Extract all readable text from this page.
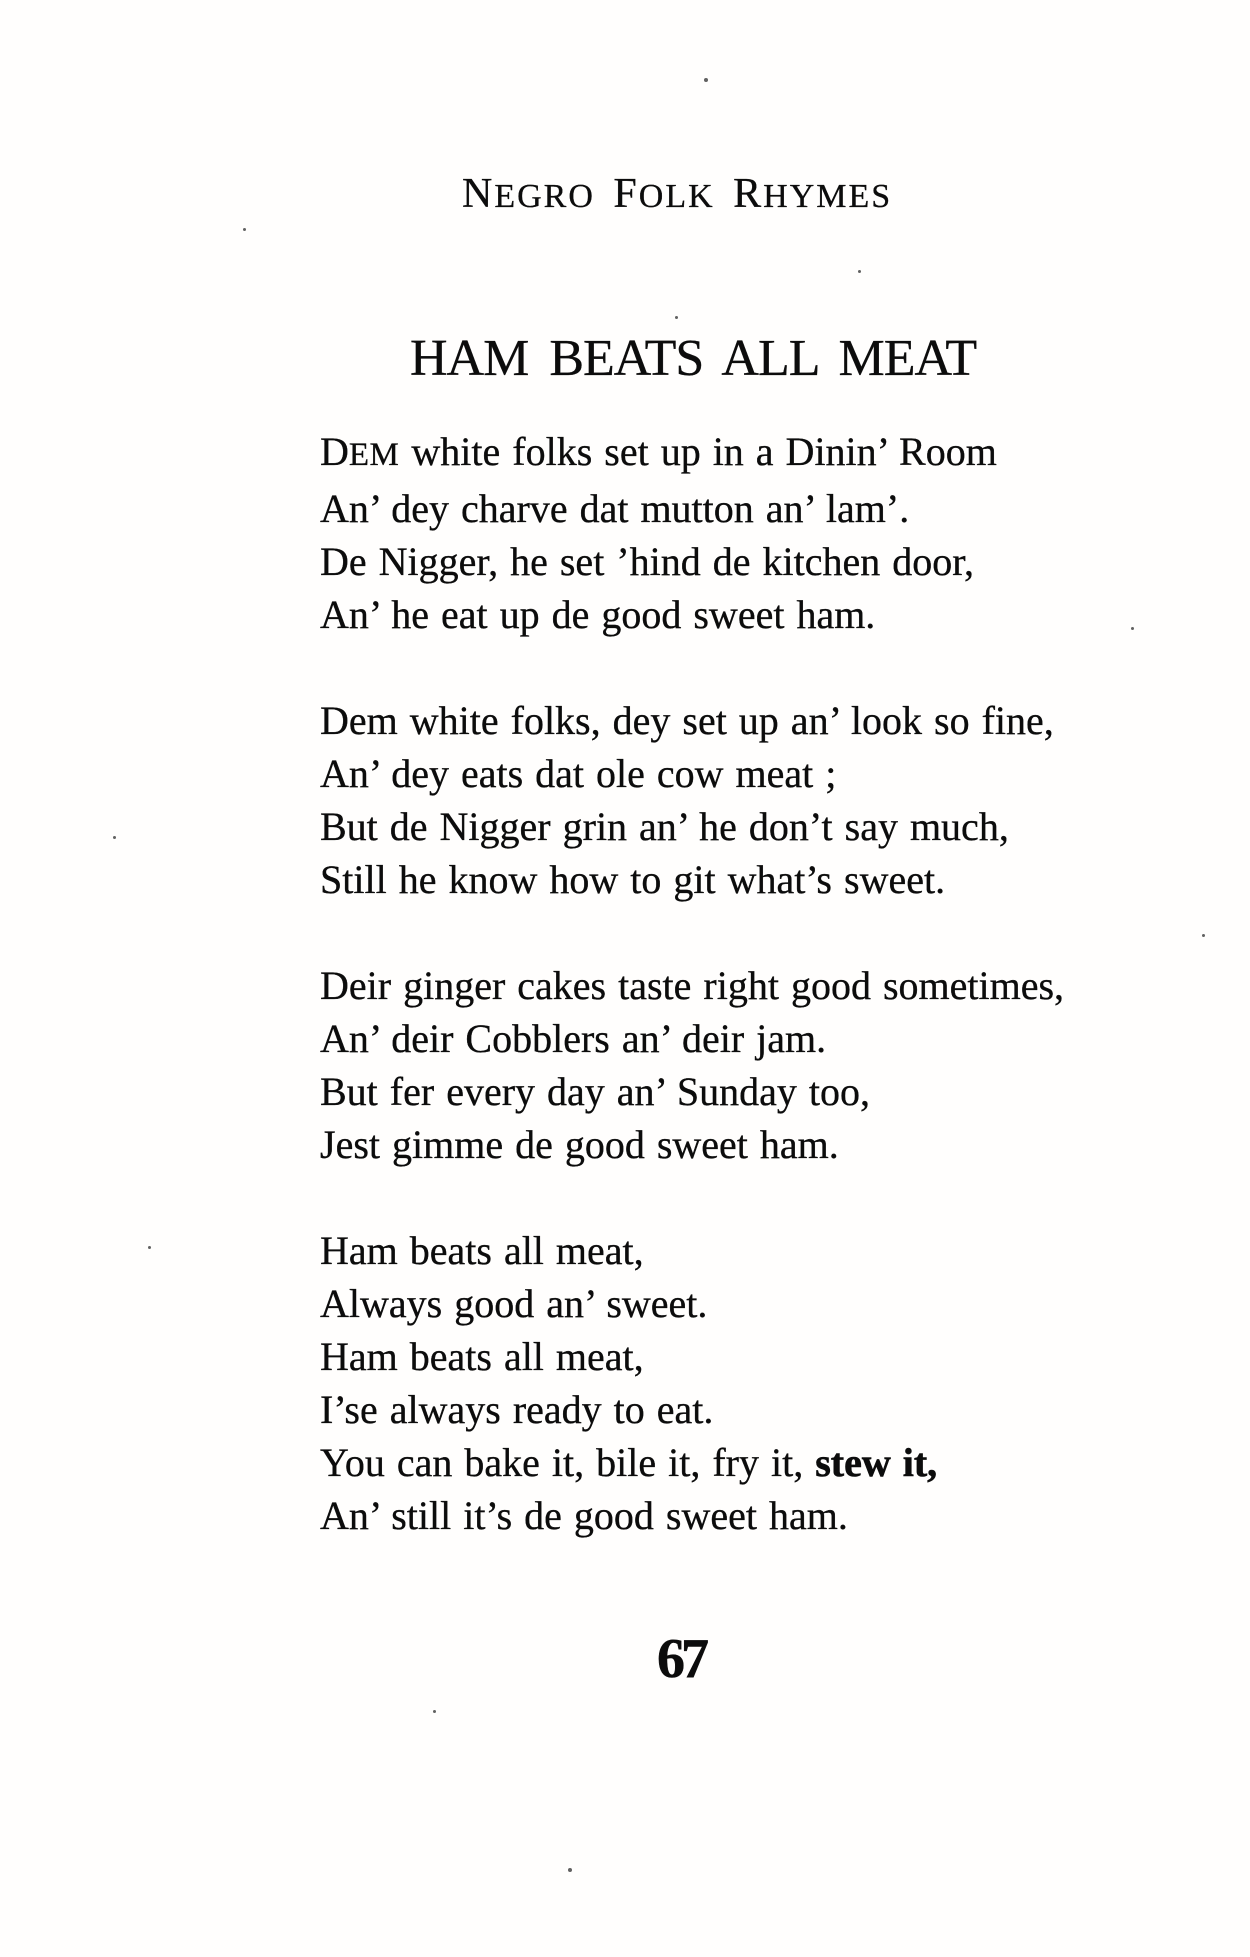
NEGRO FOLK RHYMES
HAM BEATS ALL MEAT
DEM white folks set up in a Dinin’ Room
An’ dey charve dat mutton an’ lam’.
De Nigger, he set ’hind de kitchen door,
An’ he eat up de good sweet ham.
Dem white folks, dey set up an’ look so fine,
An’ dey eats dat ole cow meat ;
But de Nigger grin an’ he don’t say much,
Still he know how to git what’s sweet.
Deir ginger cakes taste right good sometimes,
An’ deir Cobblers an’ deir jam.
But fer every day an’ Sunday too,
Jest gimme de good sweet ham.
Ham beats all meat,
Always good an’ sweet.
Ham beats all meat,
I’se always ready to eat.
You can bake it, bile it, fry it, stew it,
An’ still it’s de good sweet ham.
67
